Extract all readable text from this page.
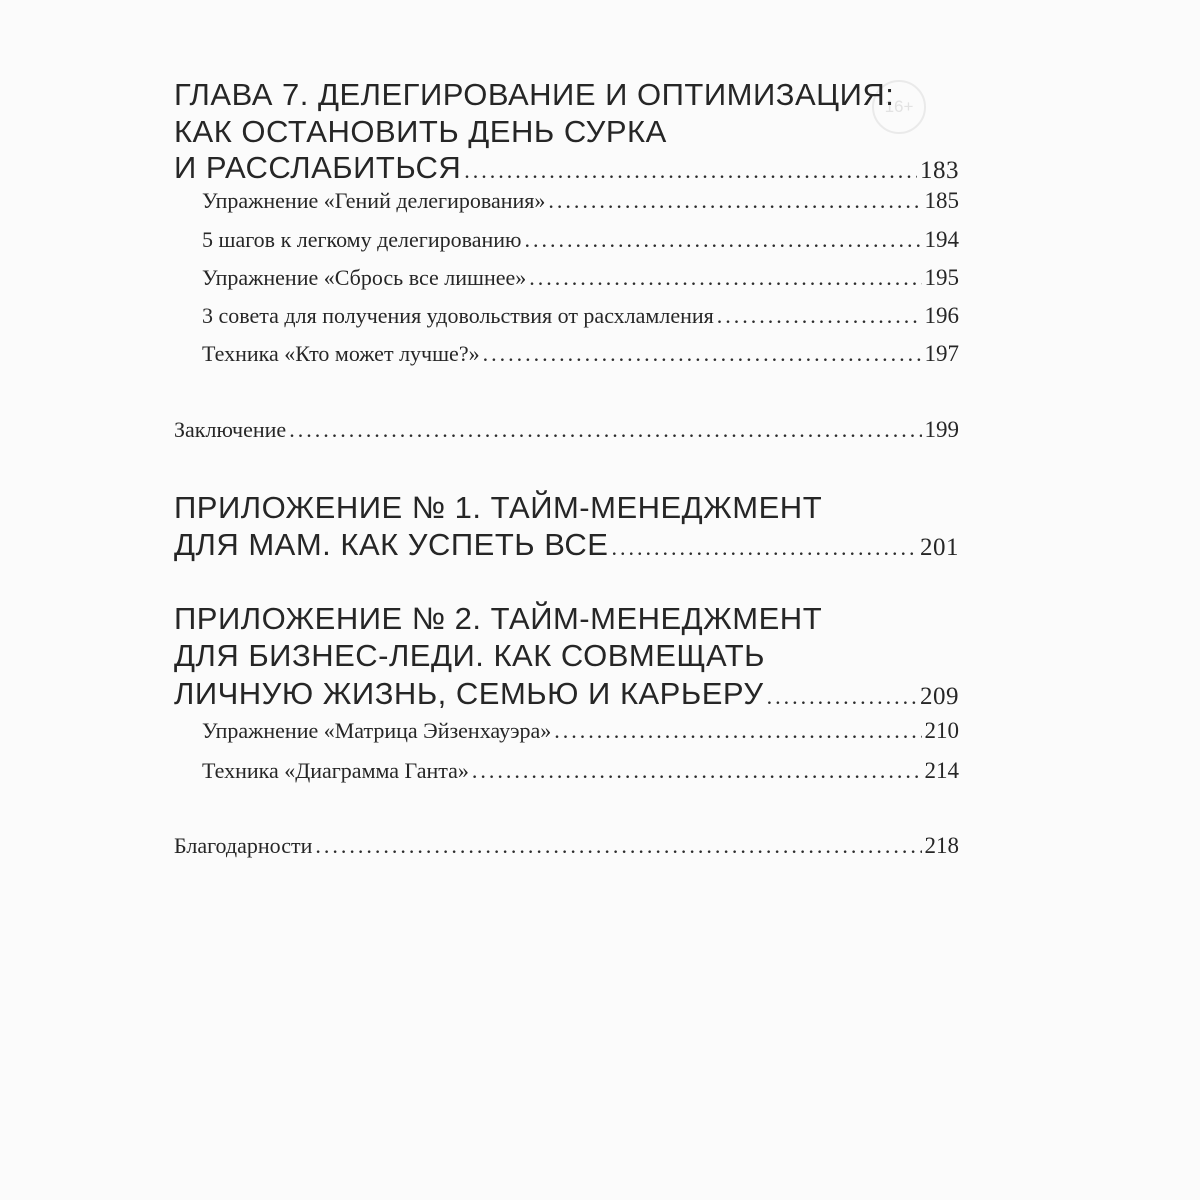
16+
ГЛАВА 7. ДЕЛЕГИРОВАНИЕ И ОПТИМИЗАЦИЯ:
КАК ОСТАНОВИТЬ ДЕНЬ СУРКА
И РАССЛАБИТЬСЯ .....	183
Упражнение «Гений делегирования» .....	185
5 шагов к легкому делегированию .....	194
Упражнение «Сбрось все лишнее» .....	195
3 совета для получения удовольствия от расхламления .....	196
Техника «Кто может лучше?» .....	197
Заключение .....	199
ПРИЛОЖЕНИЕ № 1. ТАЙМ-МЕНЕДЖМЕНТ
ДЛЯ МАМ. КАК УСПЕТЬ ВСЕ .....	201
ПРИЛОЖЕНИЕ № 2. ТАЙМ-МЕНЕДЖМЕНТ
ДЛЯ БИЗНЕС-ЛЕДИ. КАК СОВМЕЩАТЬ
ЛИЧНУЮ ЖИЗНЬ, СЕМЬЮ И КАРЬЕРУ .....	209
Упражнение «Матрица Эйзенхауэра» .....	210
Техника «Диаграмма Ганта» .....	214
Благодарности .....	218
